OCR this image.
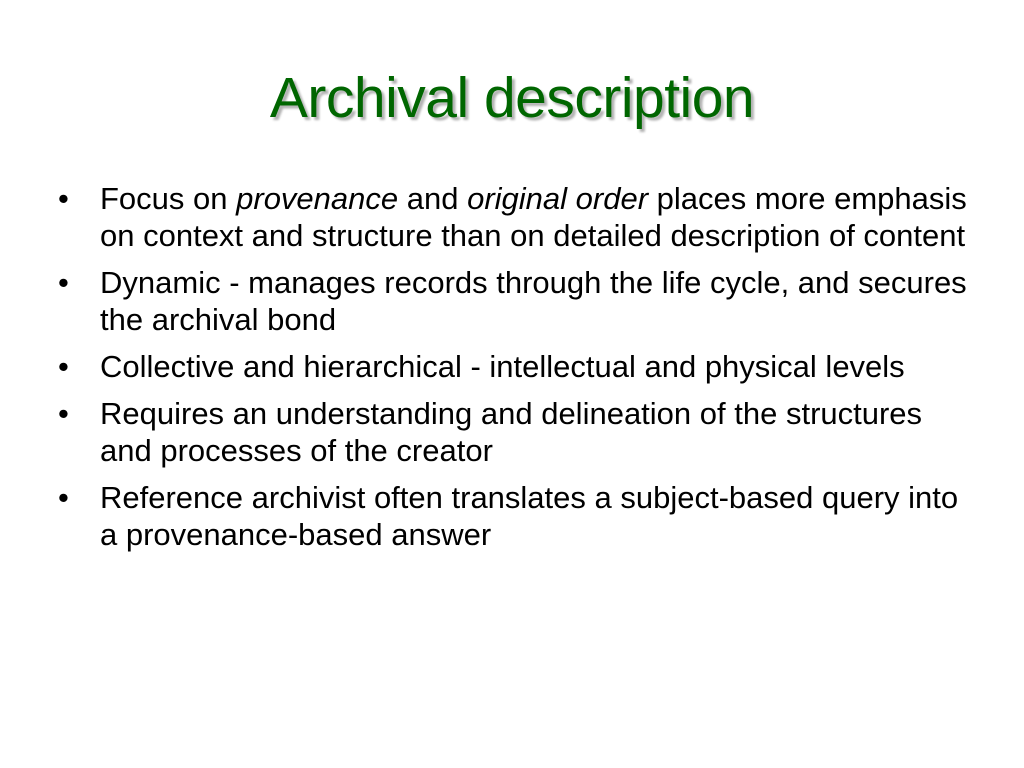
Archival description
•	Focus on provenance and original order places more emphasis on context and structure than on detailed description of content
•	Dynamic - manages records through the life cycle, and secures the archival bond
•	Collective and hierarchical - intellectual and physical levels
•	Requires an understanding and delineation of the structures and processes of the creator
•	Reference archivist often translates a subject-based query into a provenance-based answer
